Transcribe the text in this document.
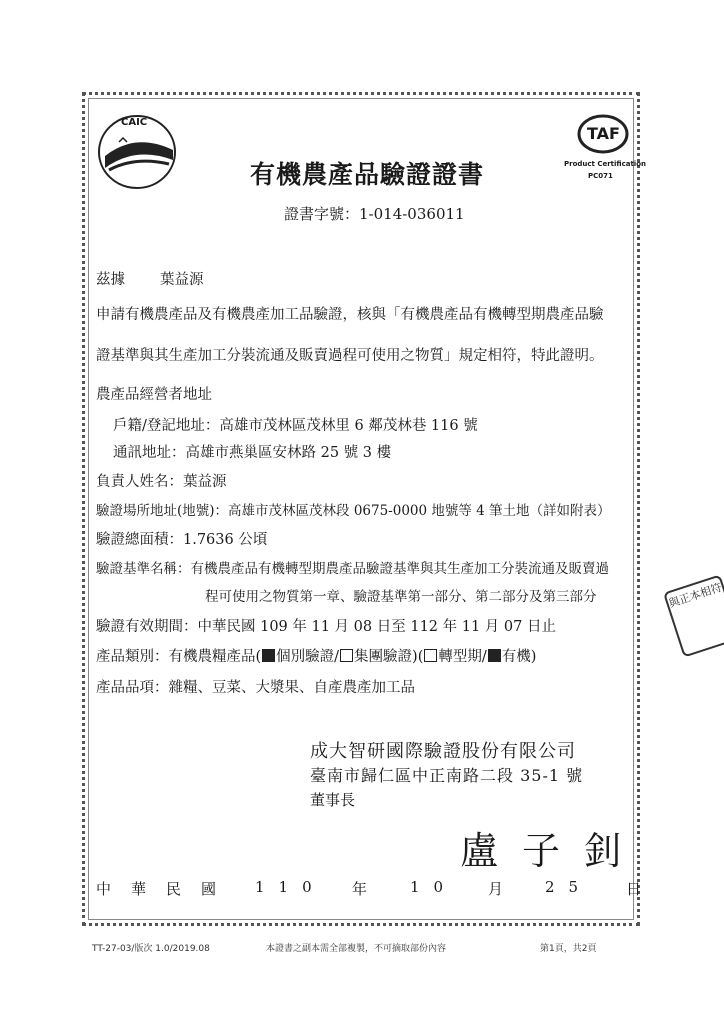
CAIC
TAF
Product Certification
PC071
有機農產品驗證證書
證書字號：1-014-036011
茲據 葉益源
申請有機農產品及有機農產加工品驗證，核與「有機農產品有機轉型期農產品驗
證基準與其生產加工分裝流通及販賣過程可使用之物質」規定相符，特此證明。
農產品經營者地址
戶籍/登記地址：高雄市茂林區茂林里 6 鄰茂林巷 116 號
通訊地址：高雄市燕巢區安林路 25 號 3 樓
負責人姓名：葉益源
驗證場所地址(地號)：高雄市茂林區茂林段 0675-0000 地號等 4 筆土地（詳如附表）
驗證總面積：1.7636 公頃
驗證基準名稱：有機農產品有機轉型期農產品驗證基準與其生產加工分裝流通及販賣過
程可使用之物質第一章、驗證基準第一部分、第二部分及第三部分
驗證有效期間：中華民國 109 年 11 月 08 日至 112 年 11 月 07 日止
產品類別：有機農糧產品( 個別驗證/ 集團驗證)( 轉型期/ 有機)
產品品項：雜糧、豆菜、大漿果、自產農產加工品
成大智研國際驗證股份有限公司
臺南市歸仁區中正南路二段 35-1 號
董事長
盧子釗
中華民國 110 年	10 月	25 日
TT-27-03/版次 1.0/2019.08	本證書之副本需全部複製，不可摘取部份內容	第1頁，共2頁
與正本相符
